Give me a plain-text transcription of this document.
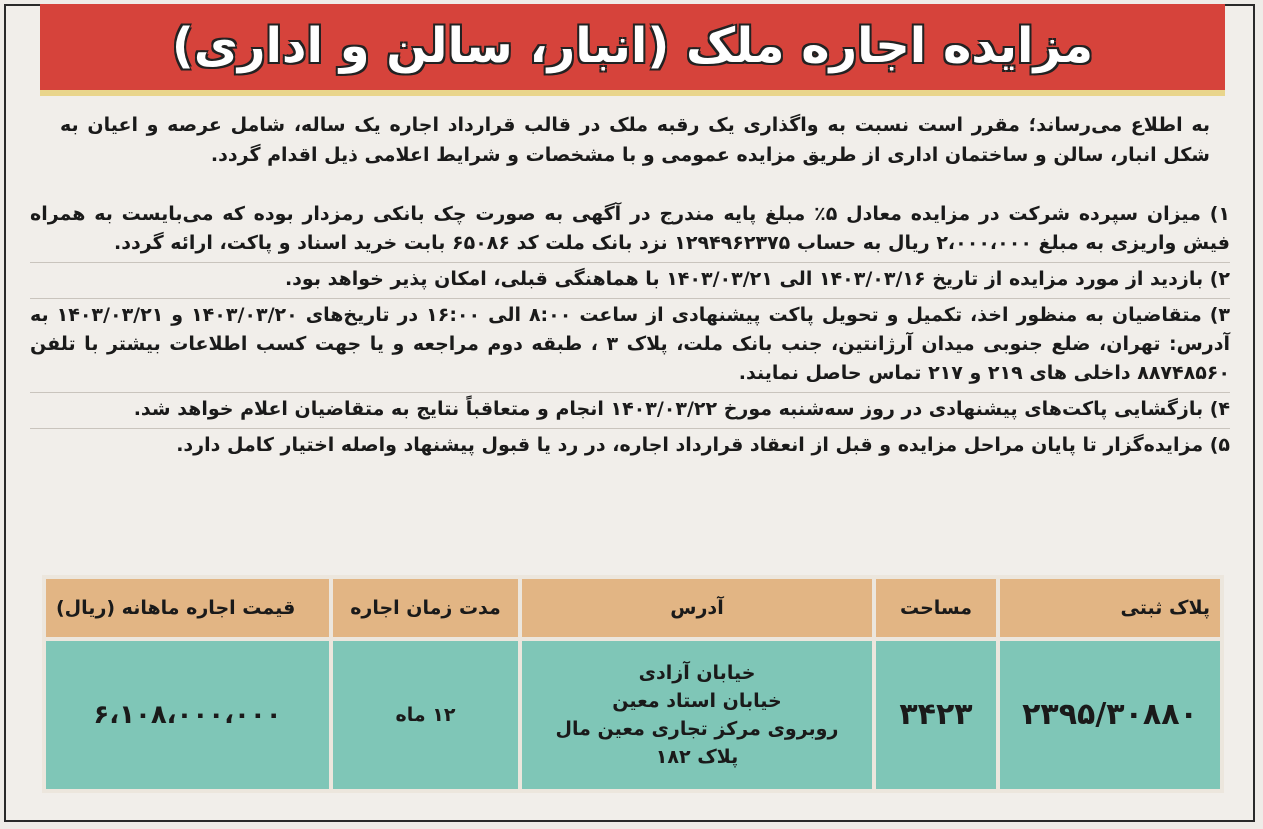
مزایده اجاره ملک (انبار، سالن و اداری)
به اطلاع می‌رساند؛ مقرر است نسبت به واگذاری یک رقبه ملک در قالب قرارداد اجاره یک ساله، شامل عرصه و اعیان به شکل انبار، سالن و ساختمان اداری از طریق مزایده عمومی و با مشخصات و شرایط اعلامی ذیل اقدام گردد.
۱) میزان سپرده شرکت در مزایده معادل ۵٪ مبلغ پایه مندرج در آگهی به صورت چک بانکی رمزدار بوده که می‌بایست به همراه فیش واریزی به مبلغ ۲،۰۰۰،۰۰۰ ریال به حساب ۱۲۹۴۹۶۲۳۷۵ نزد بانک ملت کد ۶۵۰۸۶ بابت خرید اسناد و پاکت، ارائه گردد.
۲) بازدید از مورد مزایده از تاریخ ۱۴۰۳/۰۳/۱۶ الی ۱۴۰۳/۰۳/۲۱ با هماهنگی قبلی، امکان پذیر خواهد بود.
۳) متقاضیان به منظور اخذ، تکمیل و تحویل پاکت پیشنهادی از ساعت ۸:۰۰ الی ۱۶:۰۰ در تاریخ‌های ۱۴۰۳/۰۳/۲۰ و ۱۴۰۳/۰۳/۲۱ به آدرس: تهران، ضلع جنوبی میدان آرژانتین، جنب بانک ملت، پلاک ۳ ، طبقه دوم مراجعه و یا جهت کسب اطلاعات بیشتر با تلفن ۸۸۷۴۸۵۶۰ داخلی های ۲۱۹ و ۲۱۷ تماس حاصل نمایند.
۴) بازگشایی پاکت‌های پیشنهادی در روز سه‌شنبه مورخ ۱۴۰۳/۰۳/۲۲ انجام و متعاقباً نتایج به متقاضیان اعلام خواهد شد.
۵) مزایده‌گزار تا پایان مراحل مزایده و قبل از انعقاد قرارداد اجاره، در رد یا قبول پیشنهاد واصله اختیار کامل دارد.
پلاک ثبتی	مساحت	آدرس	مدت زمان اجاره	قیمت اجاره ماهانه (ریال)
۲۳۹۵/۳۰۸۸۰	۳۴۲۳	خیابان آزادی
خیابان استاد معین
روبروی مرکز تجاری معین مال
پلاک ۱۸۲	۱۲ ماه	۶،۱۰۸،۰۰۰،۰۰۰
